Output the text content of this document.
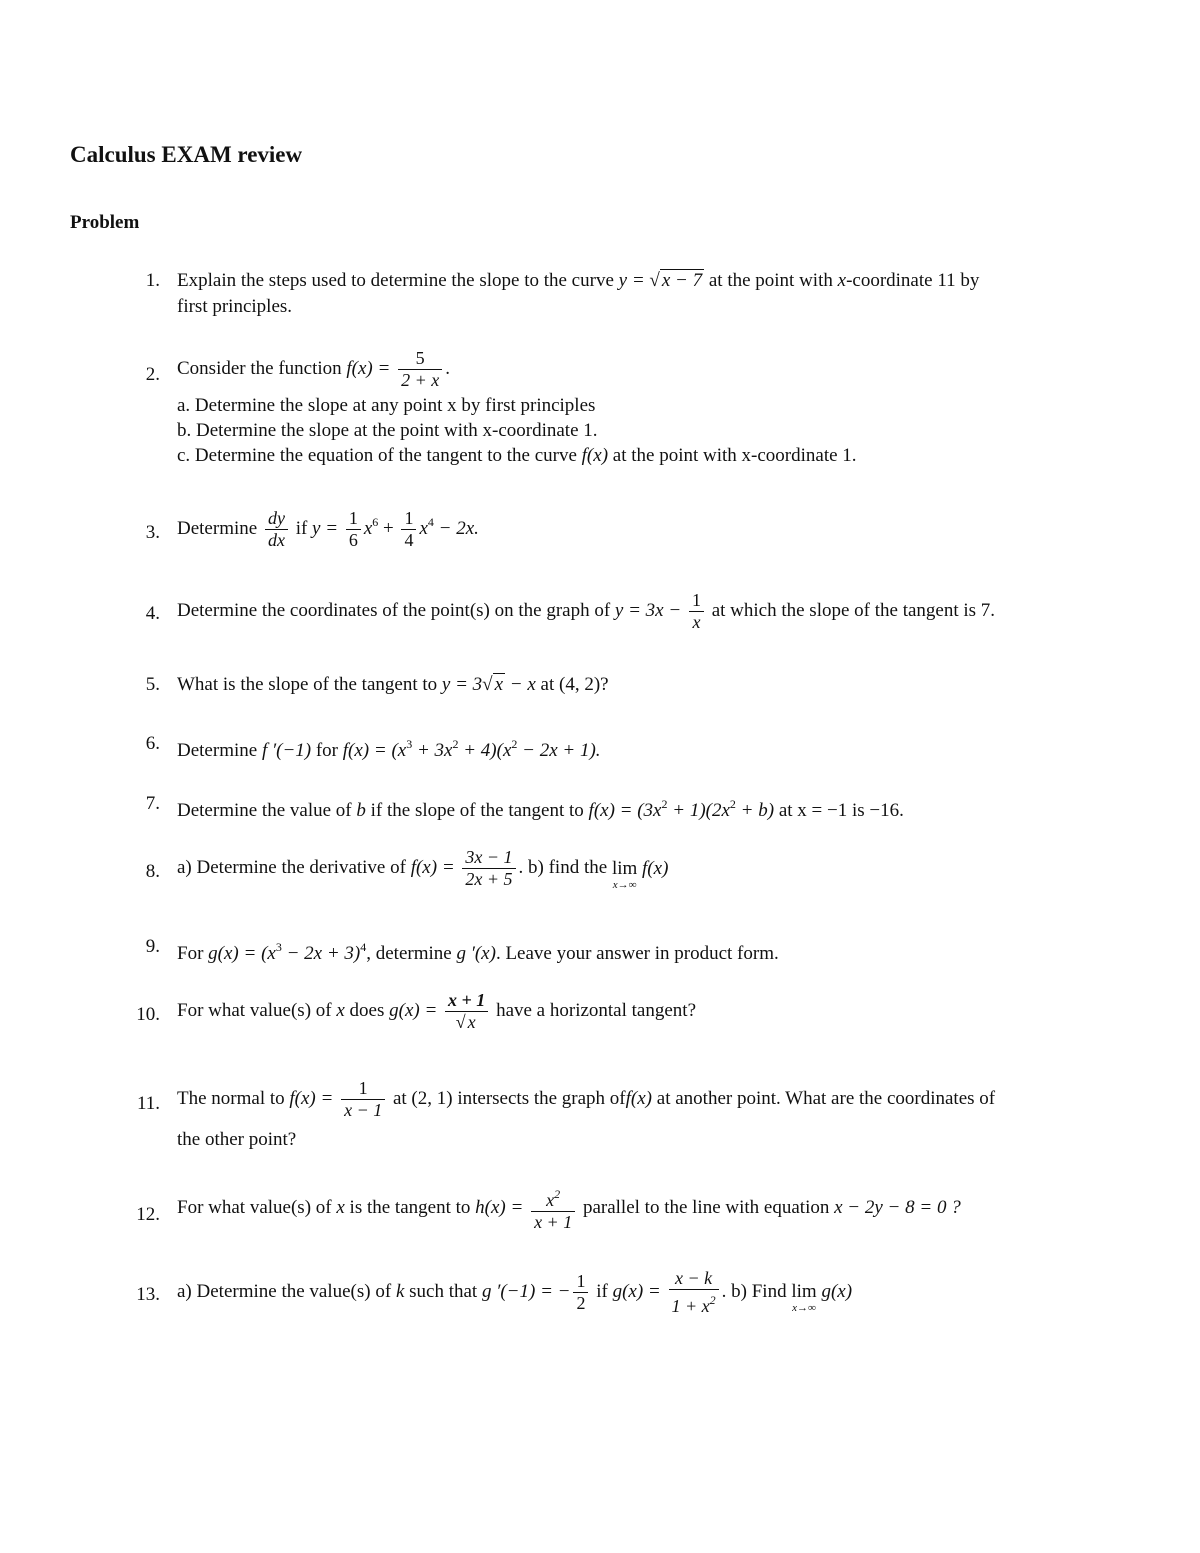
Calculus EXAM review
Problem
1. Explain the steps used to determine the slope to the curve y = √ x − 7 at the point with x-coordinate 11 by
first principles.
2. Consider the function $f(x) = \frac{5}{2 + x}$ .
a. Determine the slope at any point x by first principles
b. Determine the slope at the point with x-coordinate 1.
c. Determine the equation of the tangent to the curve f(x) at the point with x-coordinate 1.
3. Determine $\frac{dy}{dx}$ if $y = \frac{1}{6} x^6 + \frac{1}{4} x^4 - 2x$.
4. Determine the coordinates of the point(s) on the graph of $y = 3x - \frac{1}{x}$ at which the slope of the tangent is 7.
5. What is the slope of the tangent to y = 3√ x − x at (4, 2)?
6. Determine f ′(−1) for $f(x) = (x^3 + 3x^2 + 4)(x^2 - 2x + 1)$.
7. Determine the value of b if the slope of the tangent to $f(x) = (3x^2 + 1)(2x^2 + b)$ at x = −1 is −16.
8. a) Determine the derivative of $f(x) = \frac{3x - 1}{2x + 5}$ . b) find the lim
x→∞
f(x)
9. For $g(x) = (x^3 - 2x + 3)^4$, determine g ′(x). Leave your answer in product form.
10. For what value(s) of x does $g(x) = \frac{x + 1}{√ x}$ have a horizontal tangent?
11. The normal to $f(x) = \frac{1}{x - 1}$ at (2, 1) intersects the graph off(x) at another point. What are the coordinates of
the other point?
12. For what value(s) of x is the tangent to $h(x) = \frac{x^2}{x + 1}$ parallel to the line with equation x − 2y − 8 = 0 ?
13. a) Determine the value(s) of k such that g ′(−1) = − $\frac{1}{2}$ if $g(x) = \frac{x - k}{1 + x^2}$ . b) Find lim
x→∞
g(x)
